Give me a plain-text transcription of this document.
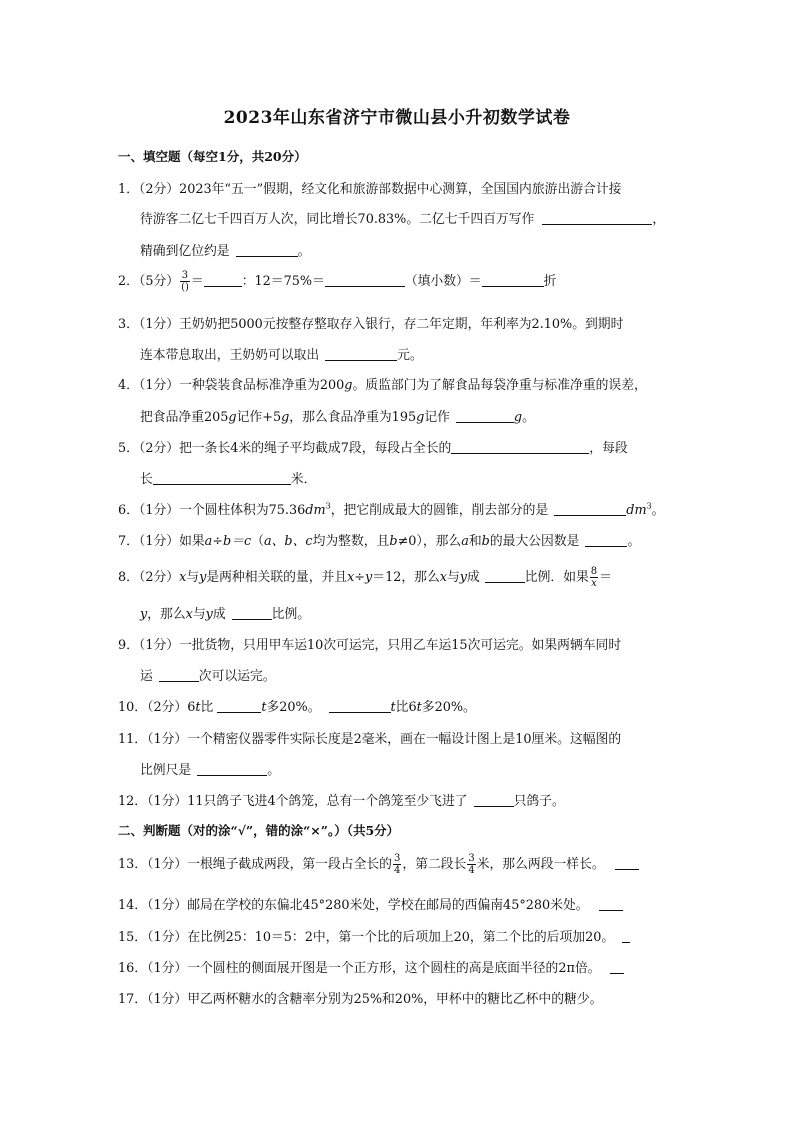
2023年山东省济宁市微山县小升初数学试卷
一、填空题（每空1分，共20分）
1．（2分）2023年“五一”假期，经文化和旅游部数据中心测算，全国国内旅游出游合计接
待游客二亿七千四百万人次，同比增长70.83%。二亿七千四百万写作	，
精确到亿位约是	。
2．（5分） $\frac{3}{()}$ ＝	：12＝75%＝	（填小数）＝	折
3．（1分）王奶奶把5000元按整存整取存入银行，存二年定期，年利率为2.10%。到期时
连本带息取出，王奶奶可以取出	元。
4．（1分）一种袋装食品标准净重为200g。质监部门为了解食品每袋净重与标准净重的误差，
把食品净重205g记作+5g，那么食品净重为195g记作	g。
5．（2分）把一条长4米的绳子平均截成7段，每段占全长的	，每段
长	米．
6．（1分）一个圆柱体积为$75.36dm^3$，把它削成最大的圆锥，削去部分的是	$dm^3$。
7．（1分）如果a÷b＝c（a、b、c均为整数，且b≠0），那么a和b的最大公因数是	。
8．（2分）x与y是两种相关联的量，并且x÷y＝12，那么x与y成	比例．如果 $\frac{8}{x}$ ＝
y，那么x与y成	比例。
9．（1分）一批货物，只用甲车运10次可运完，只用乙车运15次可运完。如果两辆车同时
运	次可以运完。
10．（2分）6t比	t多20%。	t比6t多20%。
11．（1分）一个精密仪器零件实际长度是2毫米，画在一幅设计图上是10厘米。这幅图的
比例尺是	。
12．（1分）11只鸽子飞进4个鸽笼，总有一个鸽笼至少飞进了	只鸽子。
二、判断题（对的涂“√”，错的涂“×”。）（共5分）
13．（1分）一根绳子截成两段，第一段占全长的 $\frac{3}{4}$ ，第二段长 $\frac{3}{4}$ 米，那么两段一样长。
14．（1分）邮局在学校的东偏北45°280米处，学校在邮局的西偏南45°280米处。
15．（1分）在比例25：10＝5：2中，第一个比的后项加上20，第二个比的后项加20。
16．（1分）一个圆柱的侧面展开图是一个正方形，这个圆柱的高是底面半径的2π倍。
17．（1分）甲乙两杯糖水的含糖率分别为25%和20%，甲杯中的糖比乙杯中的糖少。
